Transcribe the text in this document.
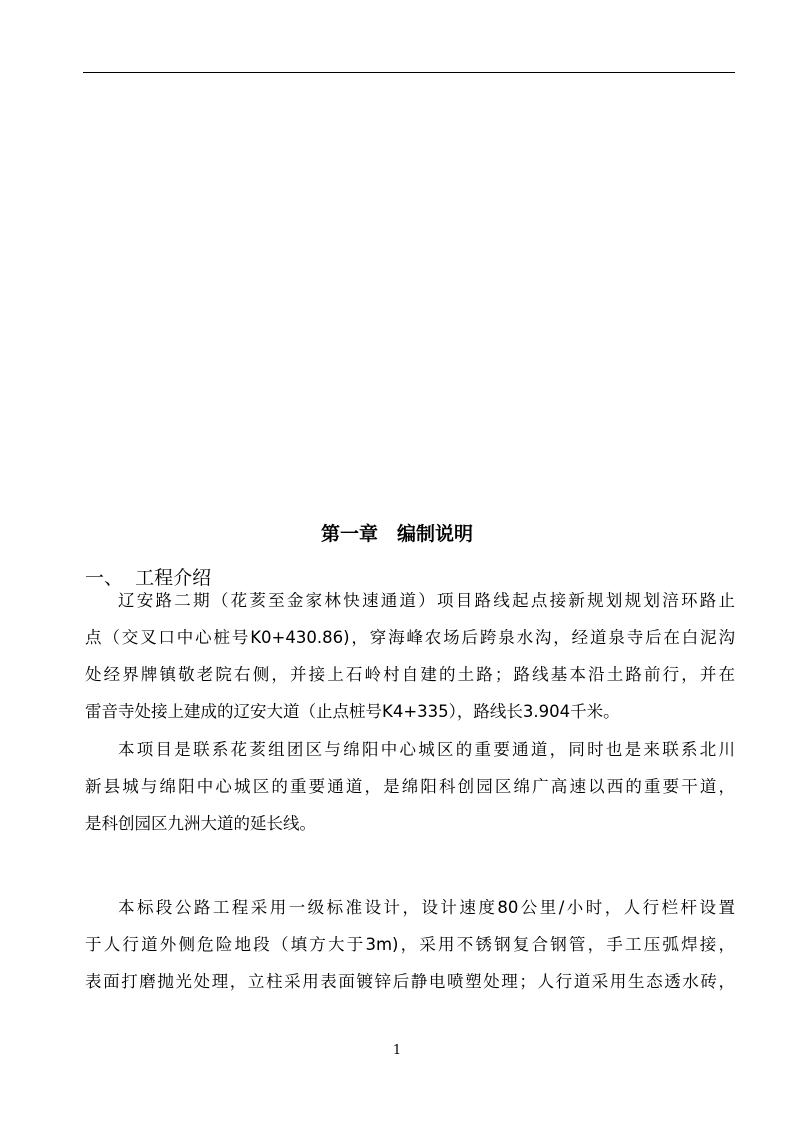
第一章　编制说明
一、  工程介绍
辽安路二期（花荄至金家林快速通道）项目路线起点接新规划规划涪环路止
点（交叉口中心桩号K0+430.86)，穿海峰农场后跨泉水沟，经道泉寺后在白泥沟
处经界牌镇敬老院右侧，并接上石岭村自建的土路；路线基本沿土路前行，并在
雷音寺处接上建成的辽安大道（止点桩号K4+335），路线长3.904千米。
本项目是联系花荄组团区与绵阳中心城区的重要通道，同时也是来联系北川
新县城与绵阳中心城区的重要通道，是绵阳科创园区绵广高速以西的重要干道，
是科创园区九洲大道的延长线。
本标段公路工程采用一级标准设计，设计速度80公里/小时，人行栏杆设置
于人行道外侧危险地段（填方大于3m)，采用不锈钢复合钢管，手工压弧焊接，
表面打磨抛光处理，立柱采用表面镀锌后静电喷塑处理；人行道采用生态透水砖，
1
